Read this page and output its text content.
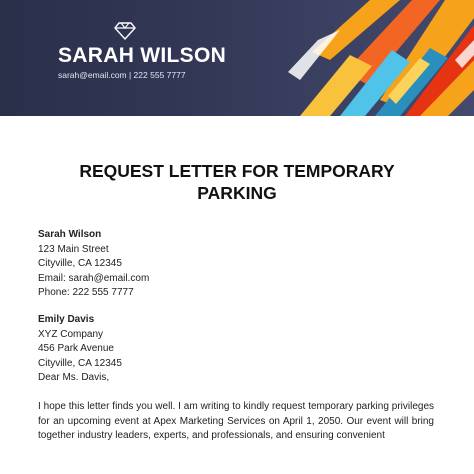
SARAH WILSON

sarah@email.com | 222 555 7777

REQUEST LETTER FOR TEMPORARY
PARKING
Sarah Wilson
123 Main Street
Cityville, CA 12345
Email: sarah@email.com
Phone: 222 555 7777
Emily Davis
XYZ Company
456 Park Avenue
Cityville, CA 12345

Dear Ms. Davis,

I hope this letter finds you well. I am writing to kindly request temporary parking privileges for an upcoming event at Apex Marketing Services on April 1, 2050. Our event will bring together industry leaders, experts, and professionals, and ensuring convenient
